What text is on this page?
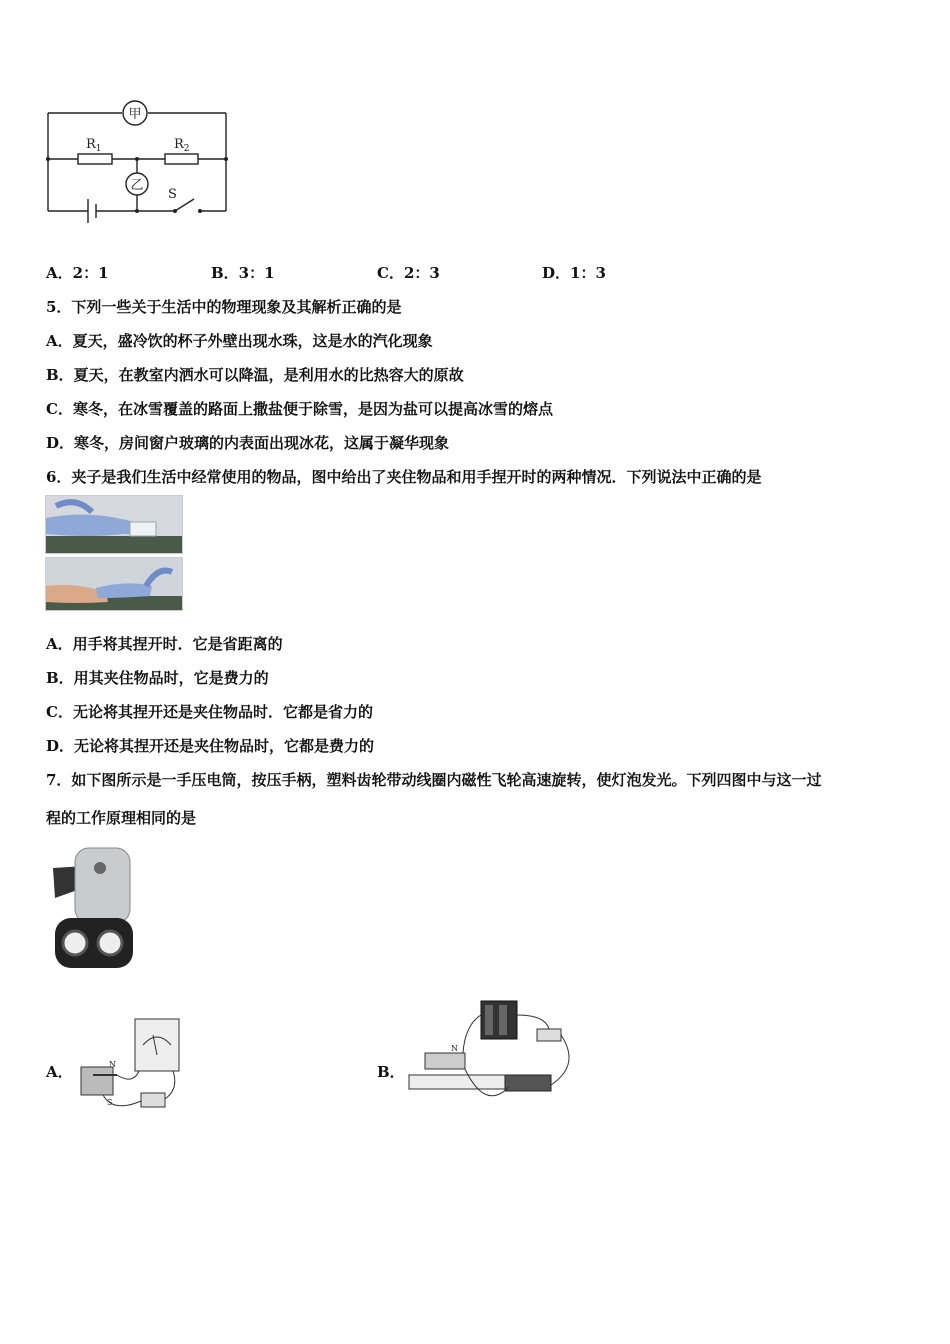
$R_1$	$R_2$
甲
乙
S
A．2：1	B．3：1	C．2：3	D．1：3
5．下列一些关于生活中的物理现象及其解析正确的是
A．夏天，盛冷饮的杯子外壁出现水珠，这是水的汽化现象
B．夏天，在教室内洒水可以降温，是利用水的比热容大的原故
C．寒冬，在冰雪覆盖的路面上撒盐便于除雪，是因为盐可以提高冰雪的熔点
D．寒冬，房间窗户玻璃的内表面出现冰花，这属于凝华现象
6．夹子是我们生活中经常使用的物品，图中给出了夹住物品和用手捏开时的两种情况．下列说法中正确的是
A．用手将其捏开时．它是省距离的
B．用其夹住物品时，它是费力的
C．无论将其捏开还是夹住物品时．它都是省力的
D．无论将其捏开还是夹住物品时，它都是费力的
7．如下图所示是一手压电筒，按压手柄，塑料齿轮带动线圈内磁性飞轮高速旋转，使灯泡发光。下列四图中与这一过
程的工作原理相同的是
A．	N
S
B．
N
